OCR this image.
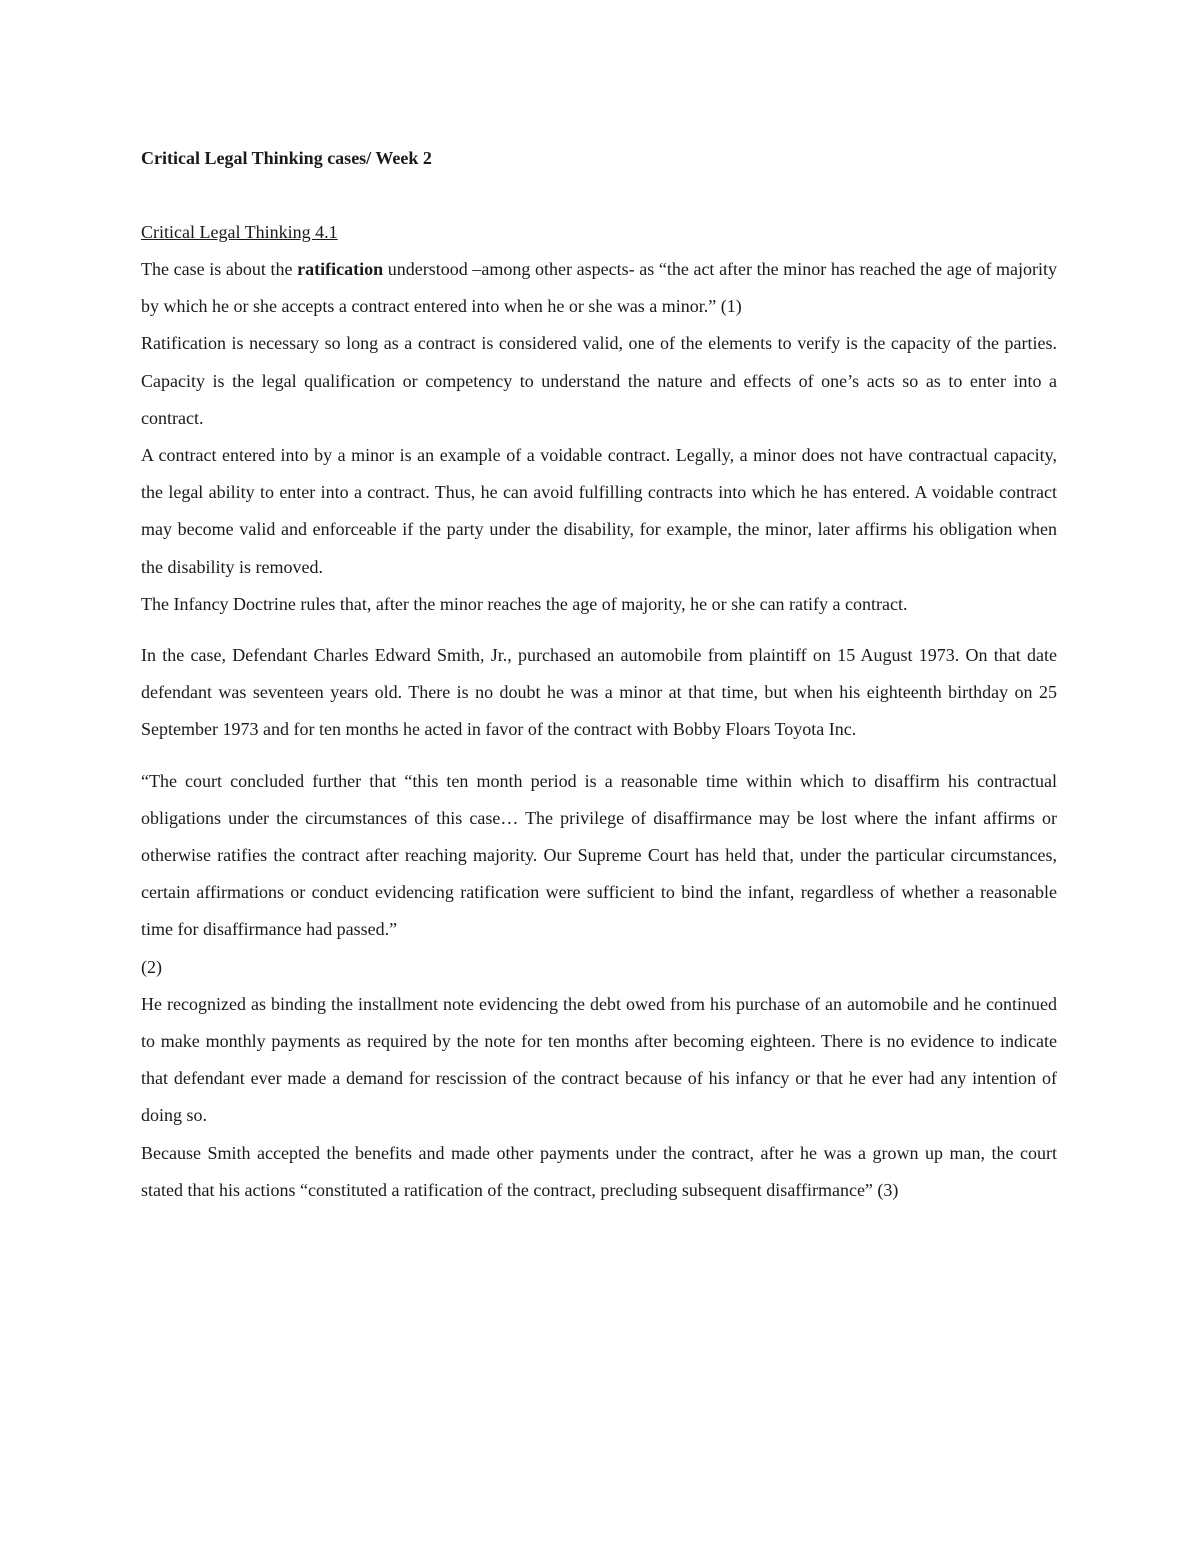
Critical Legal Thinking cases/ Week 2
Critical Legal Thinking 4.1

The case is about the ratification understood –among other aspects- as “the act after the minor has reached the age of majority by which he or she accepts a contract entered into when he or she was a minor.” (1)

Ratification is necessary so long as a contract is considered valid, one of the elements to verify is the capacity of the parties. Capacity is the legal qualification or competency to understand the nature and effects of one’s acts so as to enter into a contract.

A contract entered into by a minor is an example of a voidable contract. Legally, a minor does not have contractual capacity, the legal ability to enter into a contract. Thus, he can avoid fulfilling contracts into which he has entered. A voidable contract may become valid and enforceable if the party under the disability, for example, the minor, later affirms his obligation when the disability is removed.

The Infancy Doctrine rules that, after the minor reaches the age of majority, he or she can ratify a contract.

In the case, Defendant Charles Edward Smith, Jr., purchased an automobile from plaintiff on 15 August 1973. On that date defendant was seventeen years old. There is no doubt he was a minor at that time, but when his eighteenth birthday on 25 September 1973 and for ten months he acted in favor of the contract with Bobby Floars Toyota Inc.

“The court concluded further that “this ten month period is a reasonable time within which to disaffirm his contractual obligations under the circumstances of this case… The privilege of disaffirmance may be lost where the infant affirms or otherwise ratifies the contract after reaching majority. Our Supreme Court has held that, under the particular circumstances, certain affirmations or conduct evidencing ratification were sufficient to bind the infant, regardless of whether a reasonable time for disaffirmance had passed.”

(2)

He recognized as binding the installment note evidencing the debt owed from his purchase of an automobile and he continued to make monthly payments as required by the note for ten months after becoming eighteen. There is no evidence to indicate that defendant ever made a demand for rescission of the contract because of his infancy or that he ever had any intention of doing so.

Because Smith accepted the benefits and made other payments under the contract, after he was a grown up man, the court stated that his actions “constituted a ratification of the contract, precluding subsequent disaffirmance” (3)
